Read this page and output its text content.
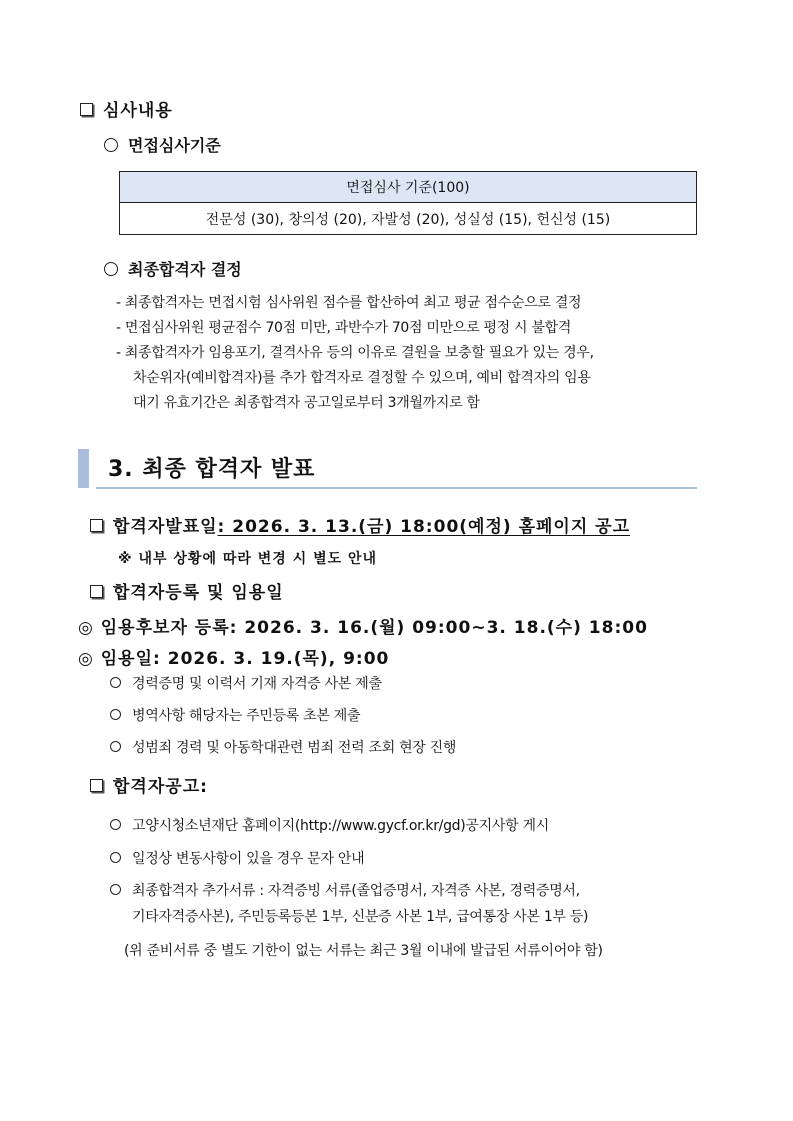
심사내용
면접심사기준
면접심사 기준(100)
전문성 (30), 창의성 (20), 자발성 (20), 성실성 (15), 헌신성 (15)
최종합격자 결정
- 최종합격자는 면접시험 심사위원 점수를 합산하여 최고 평균 점수순으로 결정
- 면접심사위원 평균점수 70점 미만, 과반수가 70점 미만으로 평정 시 불합격
- 최종합격자가 임용포기, 결격사유 등의 이유로 결원을 보충할 필요가 있는 경우,
차순위자(예비합격자)를 추가 합격자로 결정할 수 있으며, 예비 합격자의 임용
대기 유효기간은 최종합격자 공고일로부터 3개월까지로 함
3. 최종 합격자 발표
합격자발표일: 2026. 3. 13.(금) 18:00(예정) 홈페이지 공고
※ 내부 상황에 따라 변경 시 별도 안내
합격자등록 및 임용일
◎ 임용후보자 등록: 2026. 3. 16.(월) 09:00~3. 18.(수) 18:00
◎ 임용일: 2026. 3. 19.(목), 9:00
경력증명 및 이력서 기재 자격증 사본 제출
병역사항 해당자는 주민등록 초본 제출
성범죄 경력 및 아동학대관련 범죄 전력 조회 현장 진행
합격자공고:
고양시청소년재단 홈페이지(http://www.gycf.or.kr/gd)공지사항 게시
일정상 변동사항이 있을 경우 문자 안내
최종합격자 추가서류 : 자격증빙 서류(졸업증명서, 자격증 사본, 경력증명서,
기타자격증사본), 주민등록등본 1부, 신분증 사본 1부, 급여통장 사본 1부 등)
(위 준비서류 중 별도 기한이 없는 서류는 최근 3월 이내에 발급된 서류이어야 함)
